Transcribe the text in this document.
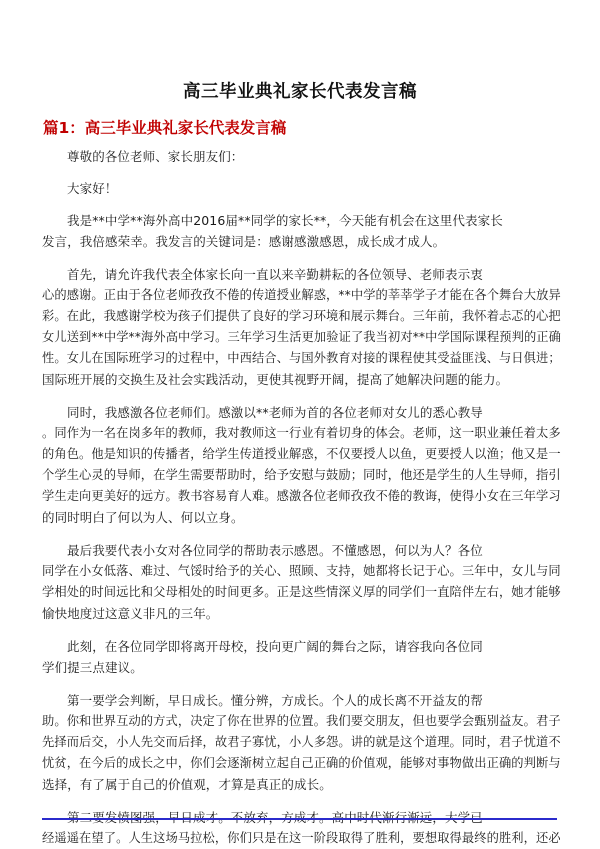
高三毕业典礼家长代表发言稿
篇1：高三毕业典礼家长代表发言稿

尊敬的各位老师、家长朋友们：

大家好！

我是**中学**海外高中2016届**同学的家长**，今天能有机会在这里代表家长
发言，我倍感荣幸。我发言的关键词是：感谢感激感恩，成长成才成人。

首先，请允许我代表全体家长向一直以来辛勤耕耘的各位领导、老师表示衷
心的感谢。正由于各位老师孜孜不倦的传道授业解惑，**中学的莘莘学子才能在各个舞台大放异
彩。在此，我感谢学校为孩子们提供了良好的学习环境和展示舞台。三年前，我怀着忐忑的心把
女儿送到**中学**海外高中学习。三年学习生活更加验证了我当初对**中学国际课程预判的正确
性。女儿在国际班学习的过程中，中西结合、与国外教育对接的课程使其受益匪浅、与日俱进；
国际班开展的交换生及社会实践活动，更使其视野开阔，提高了她解决问题的能力。

同时，我感激各位老师们。感激以**老师为首的各位老师对女儿的悉心教导
。同作为一名在岗多年的教师，我对教师这一行业有着切身的体会。老师，这一职业兼任着太多
的角色。他是知识的传播者，给学生传道授业解惑，不仅要授人以鱼，更要授人以渔；他又是一
个学生心灵的导师，在学生需要帮助时，给予安慰与鼓励；同时，他还是学生的人生导师，指引
学生走向更美好的远方。教书容易育人难。感激各位老师孜孜不倦的教诲，使得小女在三年学习
的同时明白了何以为人、何以立身。

最后我要代表小女对各位同学的帮助表示感恩。不懂感恩，何以为人？各位
同学在小女低落、难过、气馁时给予的关心、照顾、支持，她都将长记于心。三年中，女儿与同
学相处的时间远比和父母相处的时间更多。正是这些情深义厚的同学们一直陪伴左右，她才能够
愉快地度过这意义非凡的三年。

此刻，在各位同学即将离开母校，投向更广阔的舞台之际，请容我向各位同
学们提三点建议。

第一要学会判断，早日成长。懂分辨，方成长。个人的成长离不开益友的帮
助。你和世界互动的方式，决定了你在世界的位置。我们要交朋友，但也要学会甄别益友。君子
先择而后交，小人先交而后择，故君子寡忧，小人多怨。讲的就是这个道理。同时，君子忧道不
忧贫，在今后的成长之中，你们会逐渐树立起自己正确的价值观，能够对事物做出正确的判断与
选择，有了属于自己的价值观，才算是真正的成长。

第二要发愤图强，早日成才。不放弃，方成才。高中时代渐行渐远，大学已
经遥遥在望了。人生这场马拉松，你们只是在这一阶段取得了胜利，要想取得最终的胜利，还必
